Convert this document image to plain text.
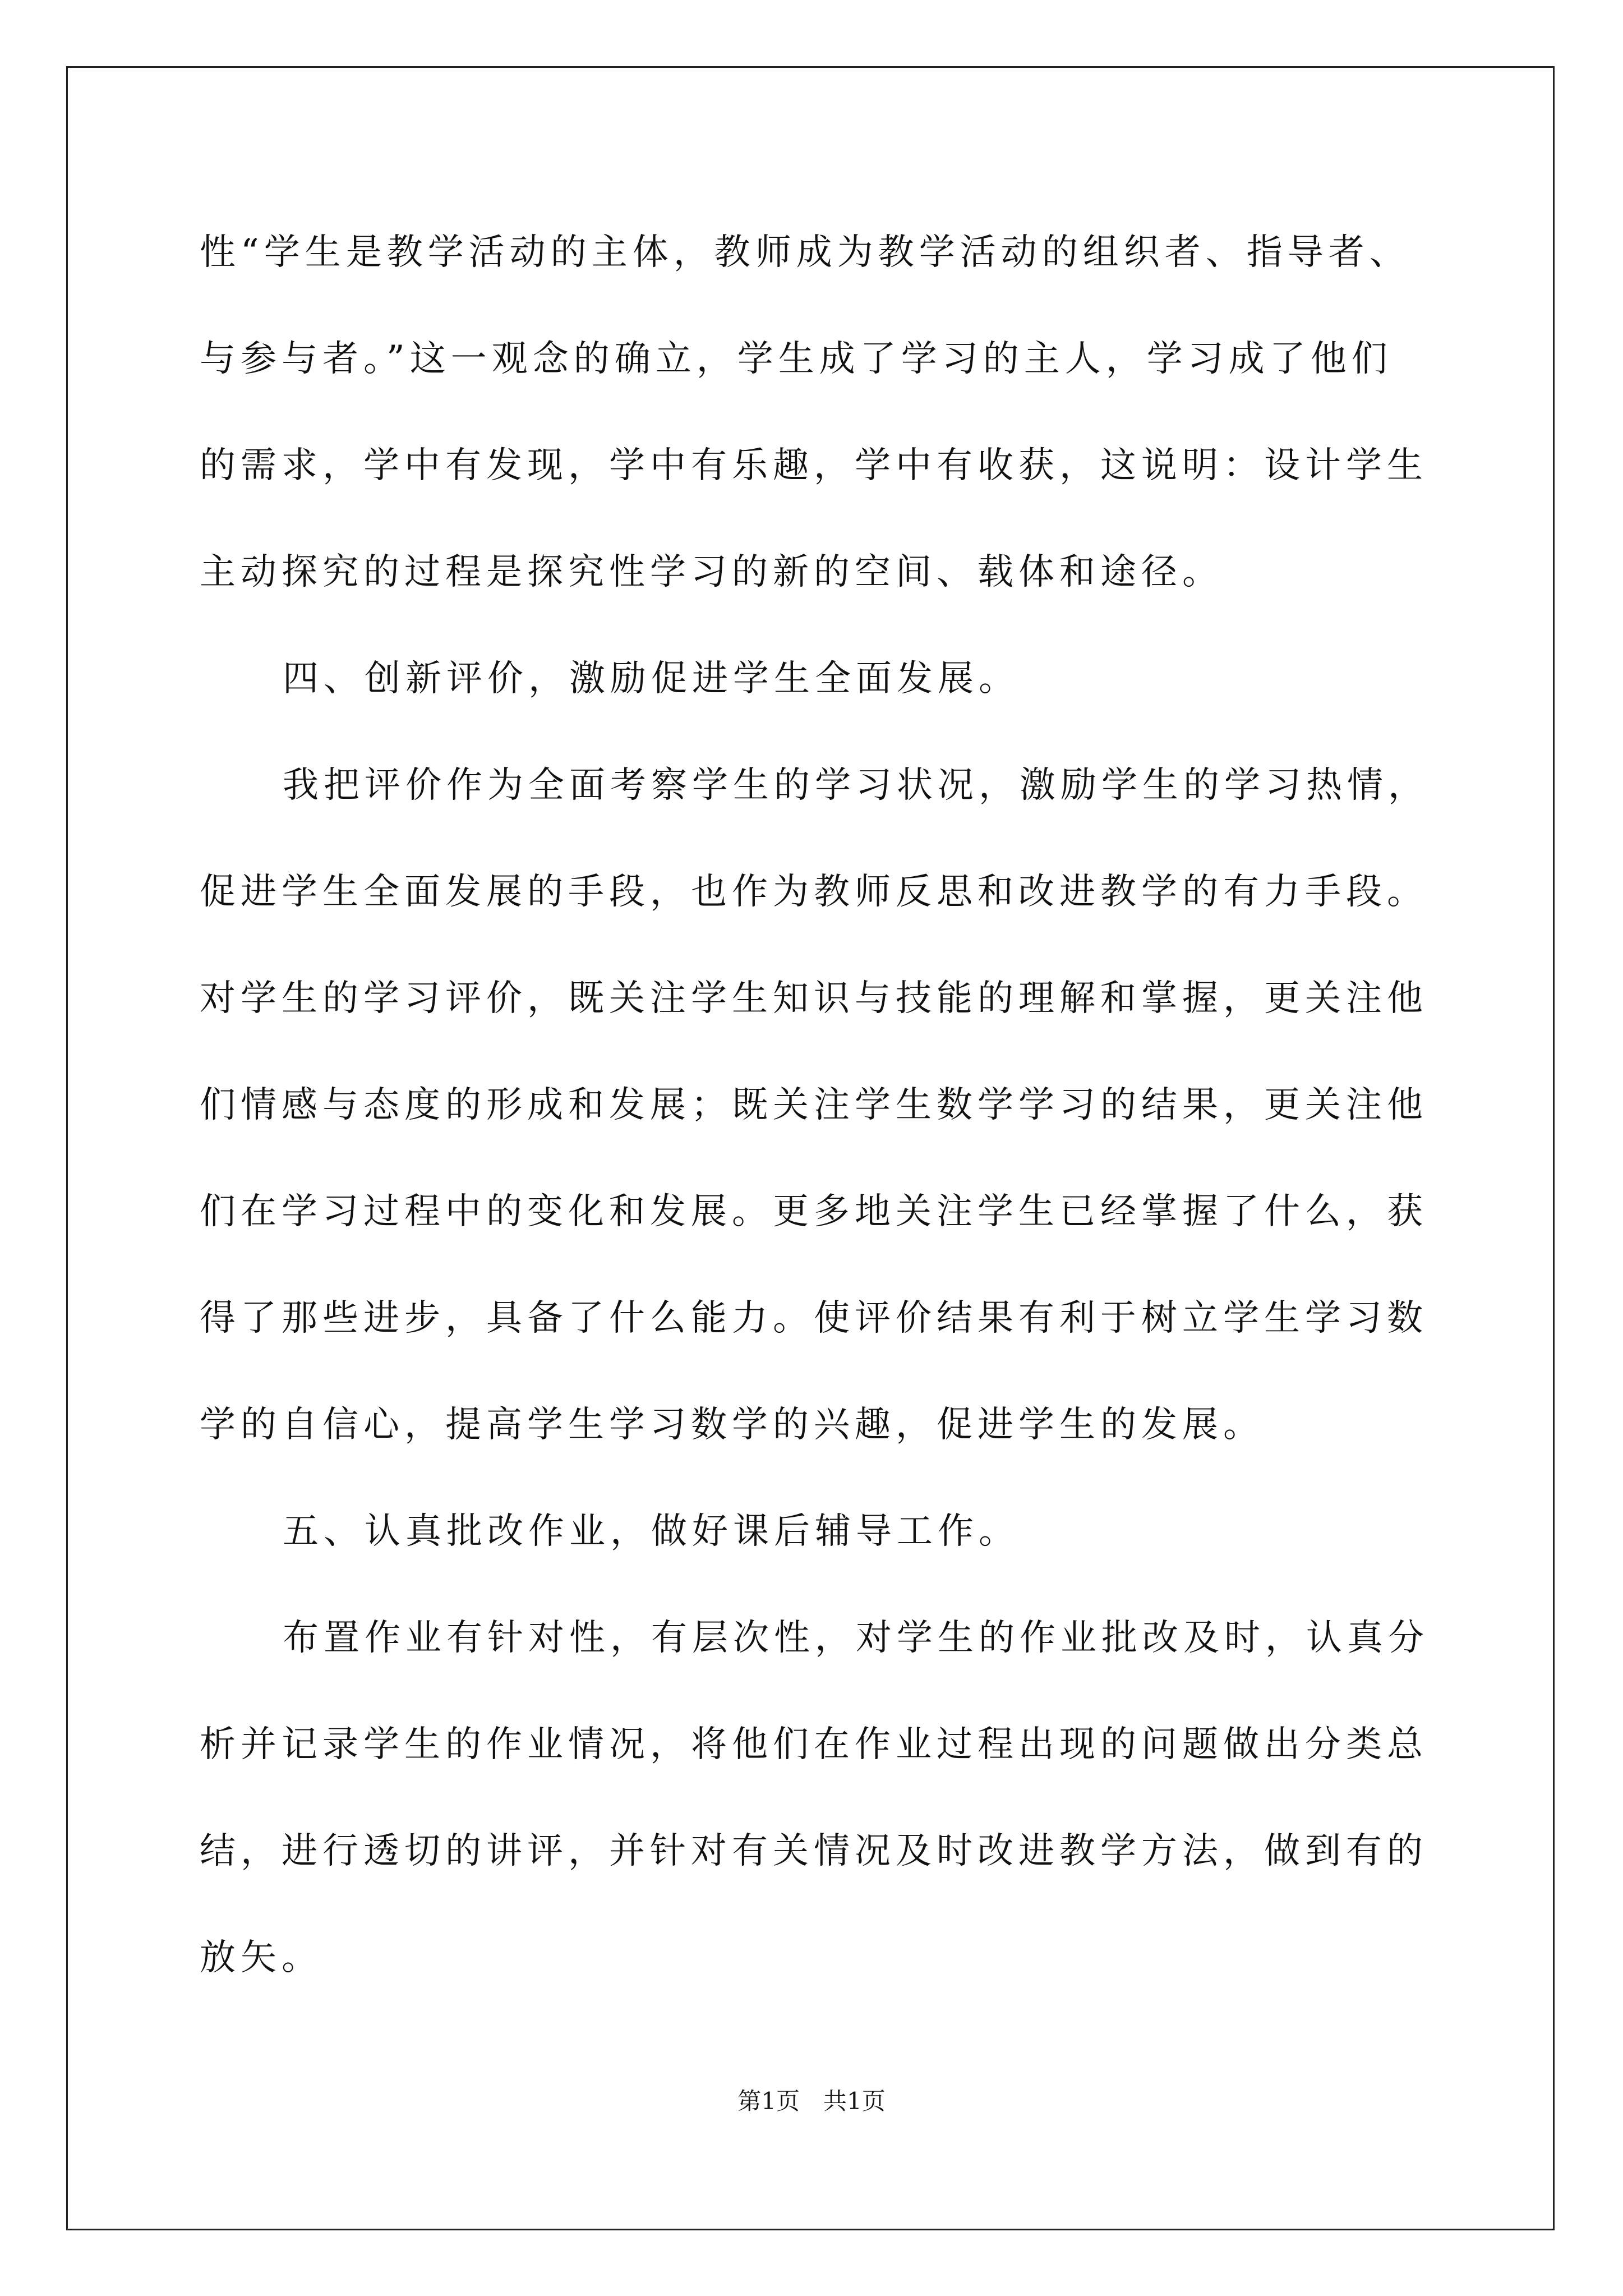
性“学生是教学活动的主体，教师成为教学活动的组织者、指导者、
与参与者。”这一观念的确立，学生成了学习的主人，学习成了他们
的需求，学中有发现，学中有乐趣，学中有收获，这说明：设计学生
主动探究的过程是探究性学习的新的空间、载体和途径。
四、创新评价，激励促进学生全面发展。
我把评价作为全面考察学生的学习状况，激励学生的学习热情，
促进学生全面发展的手段，也作为教师反思和改进教学的有力手段。
对学生的学习评价，既关注学生知识与技能的理解和掌握，更关注他
们情感与态度的形成和发展；既关注学生数学学习的结果，更关注他
们在学习过程中的变化和发展。更多地关注学生已经掌握了什么，获
得了那些进步，具备了什么能力。使评价结果有利于树立学生学习数
学的自信心，提高学生学习数学的兴趣，促进学生的发展。
五、认真批改作业，做好课后辅导工作。
布置作业有针对性，有层次性，对学生的作业批改及时，认真分
析并记录学生的作业情况，将他们在作业过程出现的问题做出分类总
结，进行透切的讲评，并针对有关情况及时改进教学方法，做到有的
放矢。
第1页　共1页
